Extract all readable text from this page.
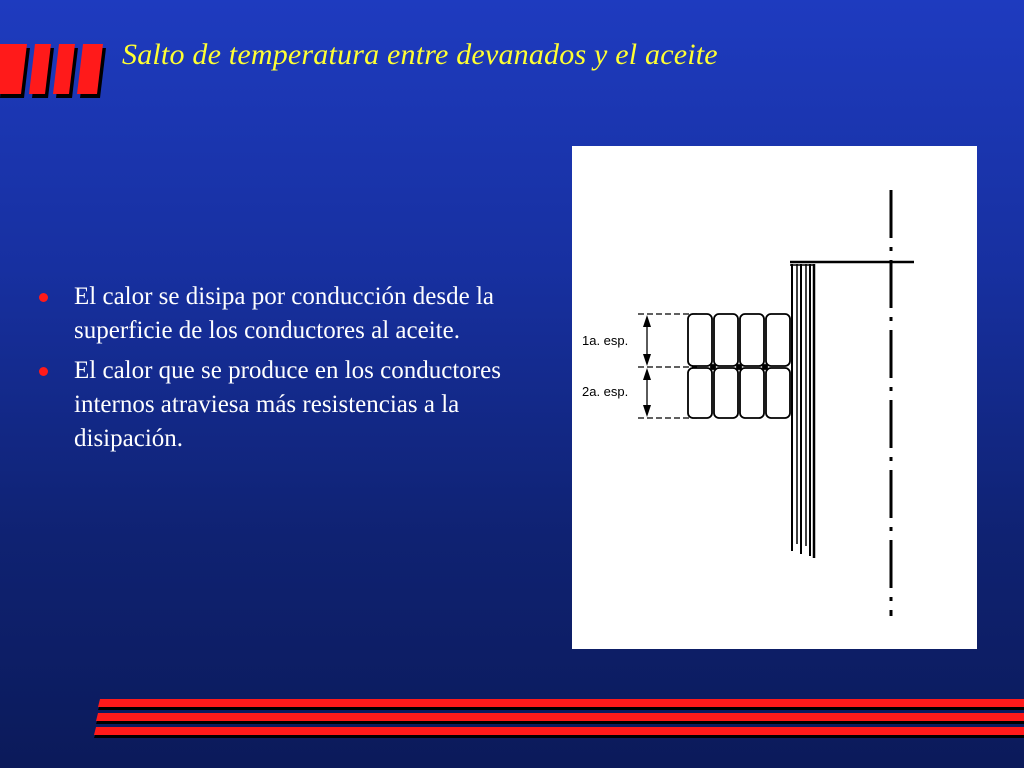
Salto de temperatura entre devanados y el aceite
El calor se disipa por conducción desde la superficie de los conductores al aceite.
El calor que se produce en los conductores internos atraviesa más resistencias a la disipación.
1a. esp.
2a. esp.
